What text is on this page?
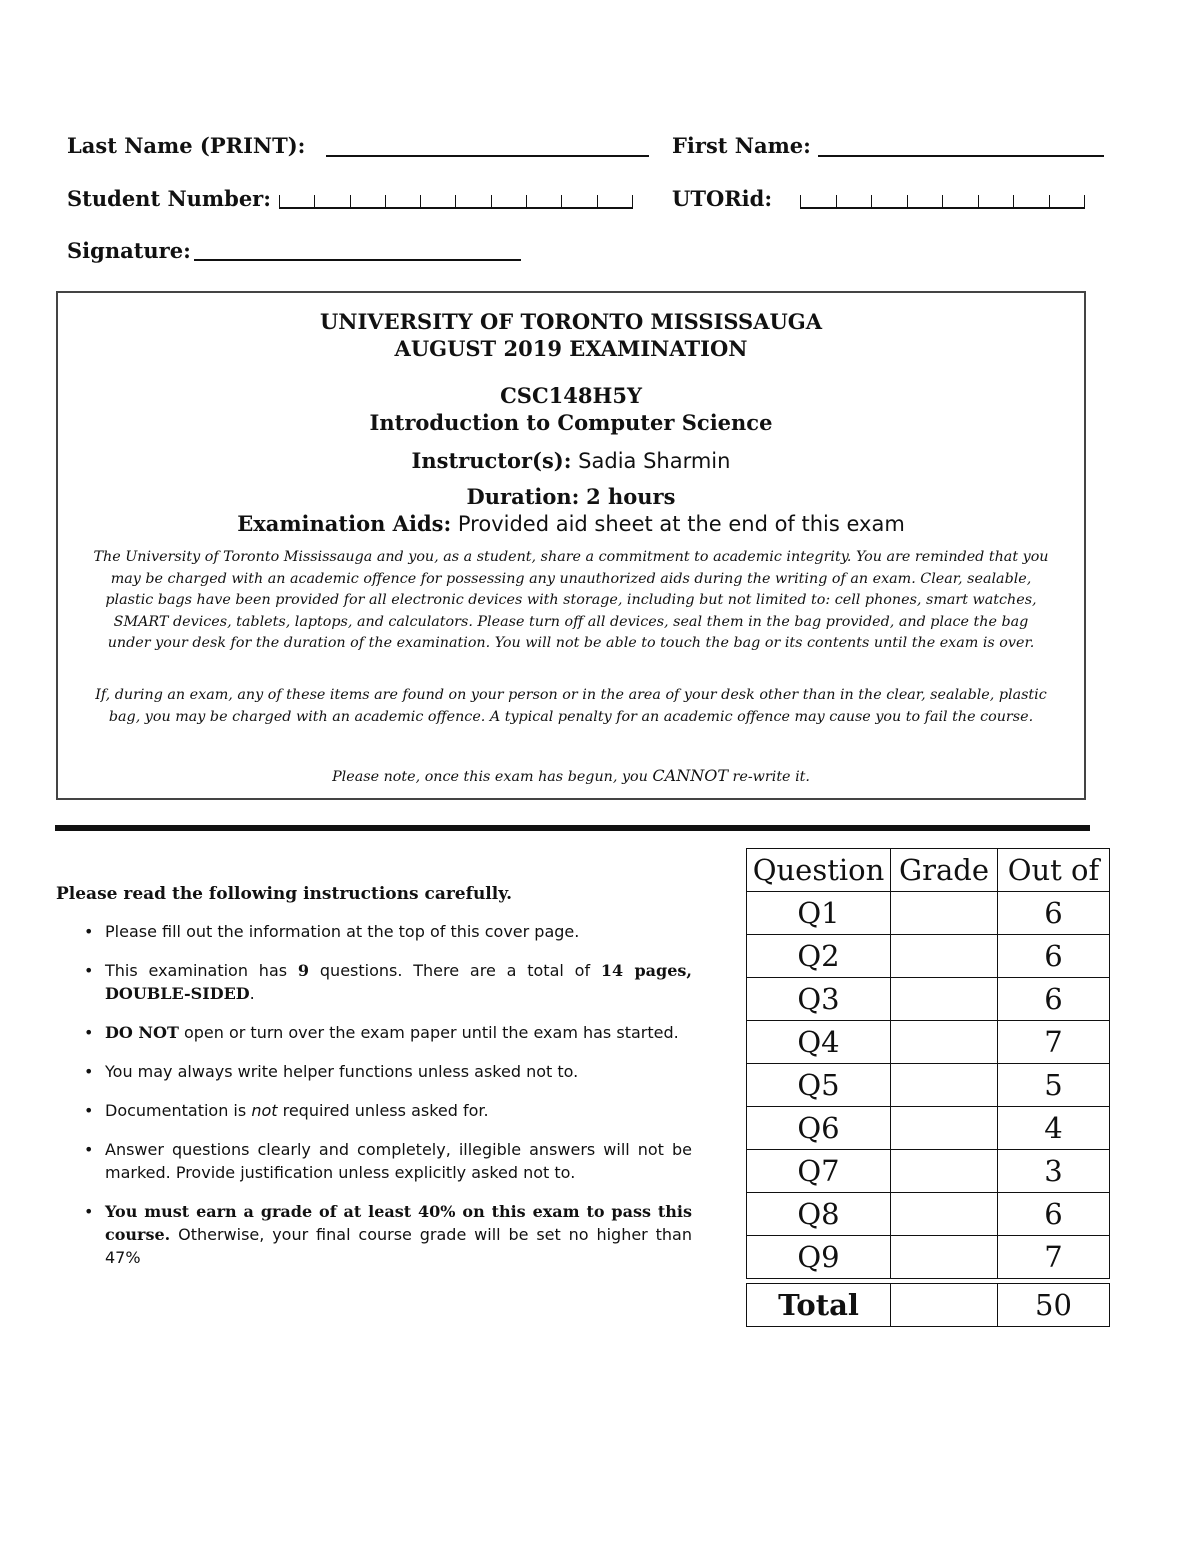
Last Name (PRINT):	First Name:
Student Number:	UTORid:
Signature:
UNIVERSITY OF TORONTO MISSISSAUGA
AUGUST 2019 EXAMINATION
CSC148H5Y
Introduction to Computer Science
Instructor(s): Sadia Sharmin
Duration: 2 hours
Examination Aids: Provided aid sheet at the end of this exam
The University of Toronto Mississauga and you, as a student, share a commitment to academic integrity. You are reminded that you may be charged with an academic offence for possessing any unauthorized aids during the writing of an exam. Clear, sealable, plastic bags have been provided for all electronic devices with storage, including but not limited to: cell phones, smart watches, SMART devices, tablets, laptops, and calculators. Please turn off all devices, seal them in the bag provided, and place the bag under your desk for the duration of the examination. You will not be able to touch the bag or its contents until the exam is over.
If, during an exam, any of these items are found on your person or in the area of your desk other than in the clear, sealable, plastic bag, you may be charged with an academic offence. A typical penalty for an academic offence may cause you to fail the course.
Please note, once this exam has begun, you CANNOT re-write it.
Please read the following instructions carefully.
• Please fill out the information at the top of this cover page.
• This examination has 9 questions. There are a total of 14 pages, DOUBLE-SIDED.
• DO NOT open or turn over the exam paper until the exam has started.
• You may always write helper functions unless asked not to.
• Documentation is not required unless asked for.
• Answer questions clearly and completely, illegible answers will not be marked. Provide justification unless explicitly asked not to.
• You must earn a grade of at least 40% on this exam to pass this course. Otherwise, your final course grade will be set no higher than 47%
Question	Grade	Out of
Q1		6
Q2		6
Q3		6
Q4		7
Q5		5
Q6		4
Q7		3
Q8		6
Q9		7

Total		50
